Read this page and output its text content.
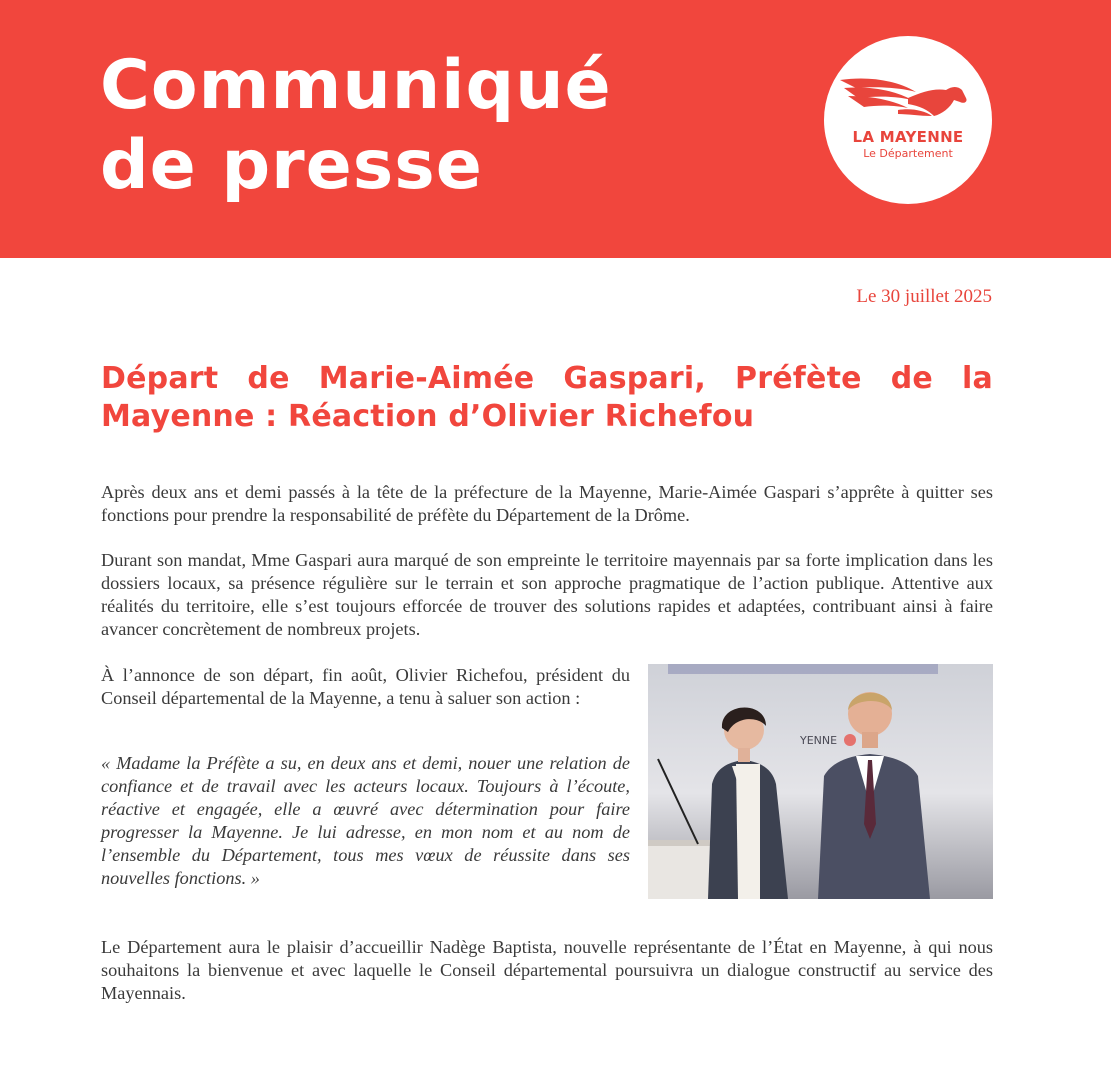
Communiqué
de presse	LA MAYENNE
Le Département
Le 30 juillet 2025
Départ de Marie-Aimée Gaspari, Préfète de la Mayenne : Réaction d’Olivier Richefou

Après deux ans et demi passés à la tête de la préfecture de la Mayenne, Marie-Aimée Gaspari s’apprête à quitter ses fonctions pour prendre la responsabilité de préfète du Département de la Drôme.

Durant son mandat, Mme Gaspari aura marqué de son empreinte le territoire mayennais par sa forte implication dans les dossiers locaux, sa présence régulière sur le terrain et son approche pragmatique de l’action publique. Attentive aux réalités du territoire, elle s’est toujours efforcée de trouver des solutions rapides et adaptées, contribuant ainsi à faire avancer concrètement de nombreux projets.

À l’annonce de son départ, fin août, Olivier Richefou, président du Conseil départemental de la Mayenne, a tenu à saluer son action :

« Madame la Préfète a su, en deux ans et demi, nouer une relation de confiance et de travail avec les acteurs locaux. Toujours à l’écoute, réactive et engagée, elle a œuvré avec détermination pour faire progresser la Mayenne. Je lui adresse, en mon nom et au nom de l’ensemble du Département, tous mes vœux de réussite dans ses nouvelles fonctions. »

Le Département aura le plaisir d’accueillir Nadège Baptista, nouvelle représentante de l’État en Mayenne, à qui nous souhaitons la bienvenue et avec laquelle le Conseil départemental poursuivra un dialogue constructif au service des Mayennais.

YENNE
